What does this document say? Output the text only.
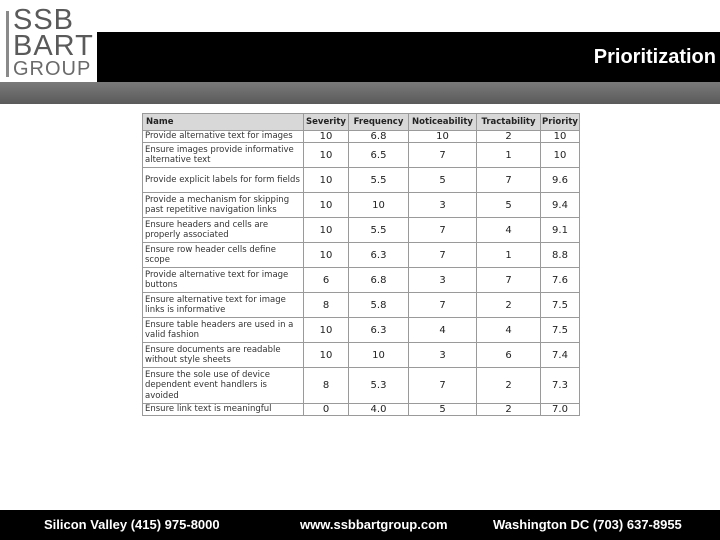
SSB
BART
GROUP
Prioritization
Name	Severity	Frequency	Noticeability	Tractability	Priority
Provide alternative text for images	10	6.8	10	2	10
Ensure images provide informative alternative text	10	6.5	7	1	10
Provide explicit labels for form fields	10	5.5	5	7	9.6
Provide a mechanism for skipping past repetitive navigation links	10	10	3	5	9.4
Ensure headers and cells are properly associated	10	5.5	7	4	9.1
Ensure row header cells define scope	10	6.3	7	1	8.8
Provide alternative text for image buttons	6	6.8	3	7	7.6
Ensure alternative text for image links is informative	8	5.8	7	2	7.5
Ensure table headers are used in a valid fashion	10	6.3	4	4	7.5
Ensure documents are readable without style sheets	10	10	3	6	7.4
Ensure the sole use of device dependent event handlers is avoided	8	5.3	7	2	7.3
Ensure link text is meaningful	0	4.0	5	2	7.0
Silicon Valley (415) 975-8000	www.ssbbartgroup.com	Washington DC (703) 637-8955
68
